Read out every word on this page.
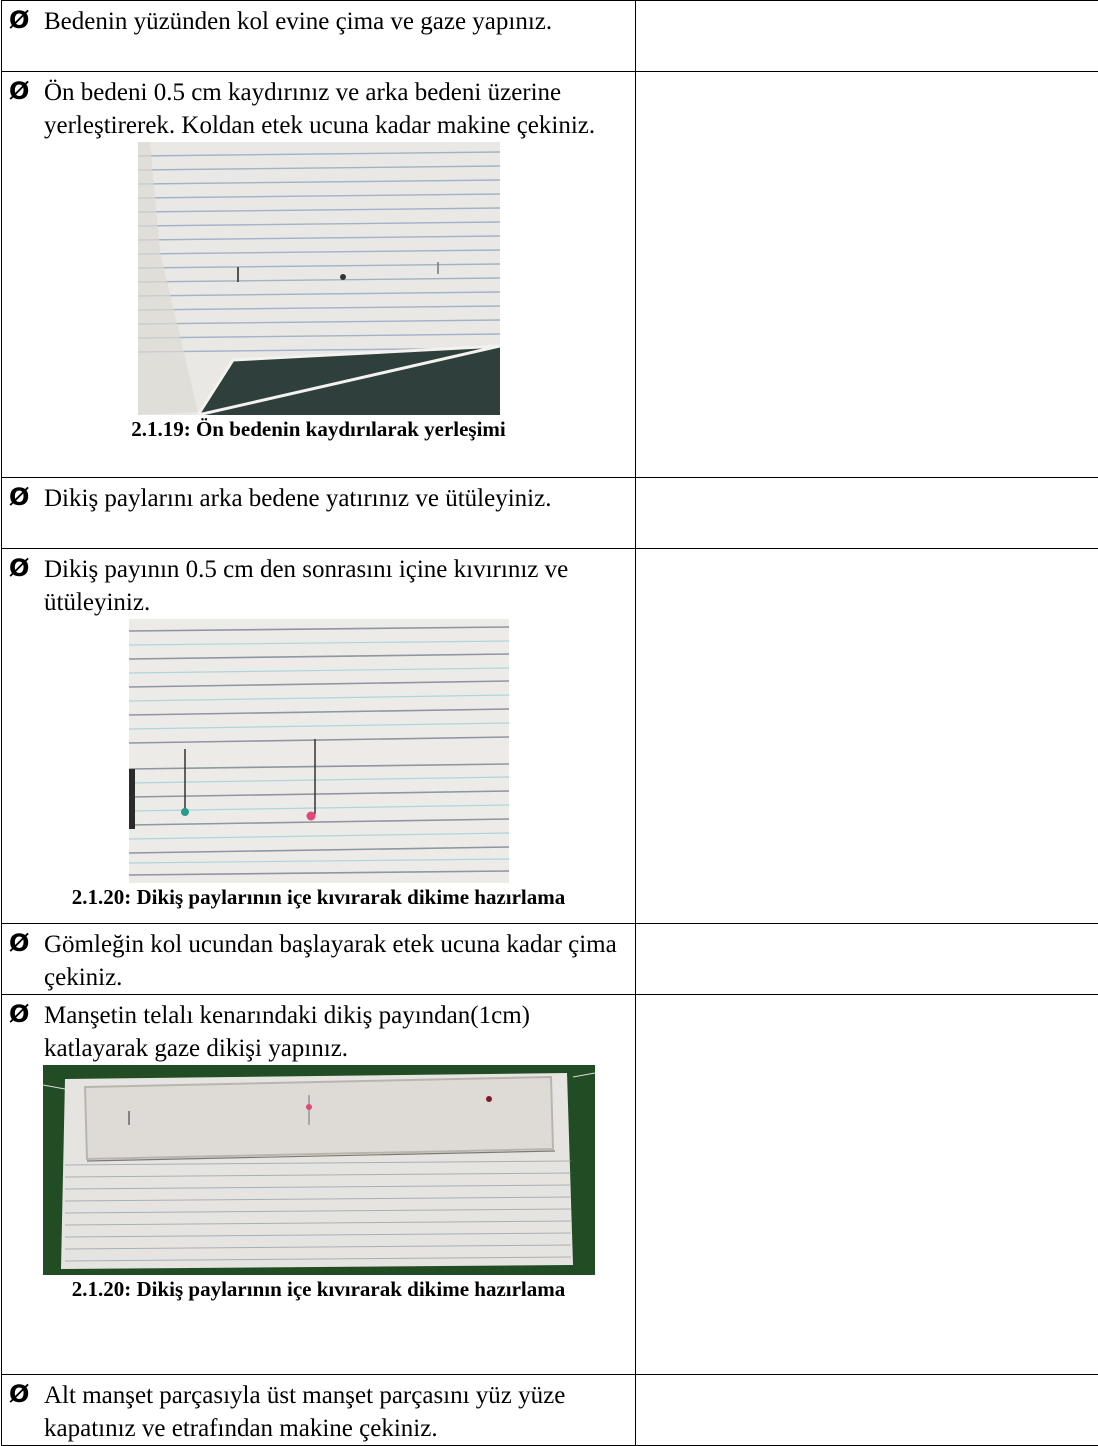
Ø Bedenin yüzünden kol evine çima ve gaze yapınız.	

Ø Ön bedeni 0.5 cm kaydırınız ve arka bedeni üzerine yerleştirerek. Koldan etek ucuna kadar makine çekiniz.
2.1.19: Ön bedenin kaydırılarak yerleşimi	

Ø Dikiş paylarını arka bedene yatırınız ve ütüleyiniz.	

Ø Dikiş payının 0.5 cm den sonrasını içine kıvırınız ve ütüleyiniz.
2.1.20: Dikiş paylarının içe kıvırarak dikime hazırlama	

Ø Gömleğin kol ucundan başlayarak etek ucuna kadar çima çekiniz.	

Ø Manşetin telalı kenarındaki dikiş payından(1cm) katlayarak gaze dikişi yapınız.
2.1.20: Dikiş paylarının içe kıvırarak dikime hazırlama	

Ø Alt manşet parçasıyla üst manşet parçasını yüz yüze kapatınız ve etrafından makine çekiniz.	
